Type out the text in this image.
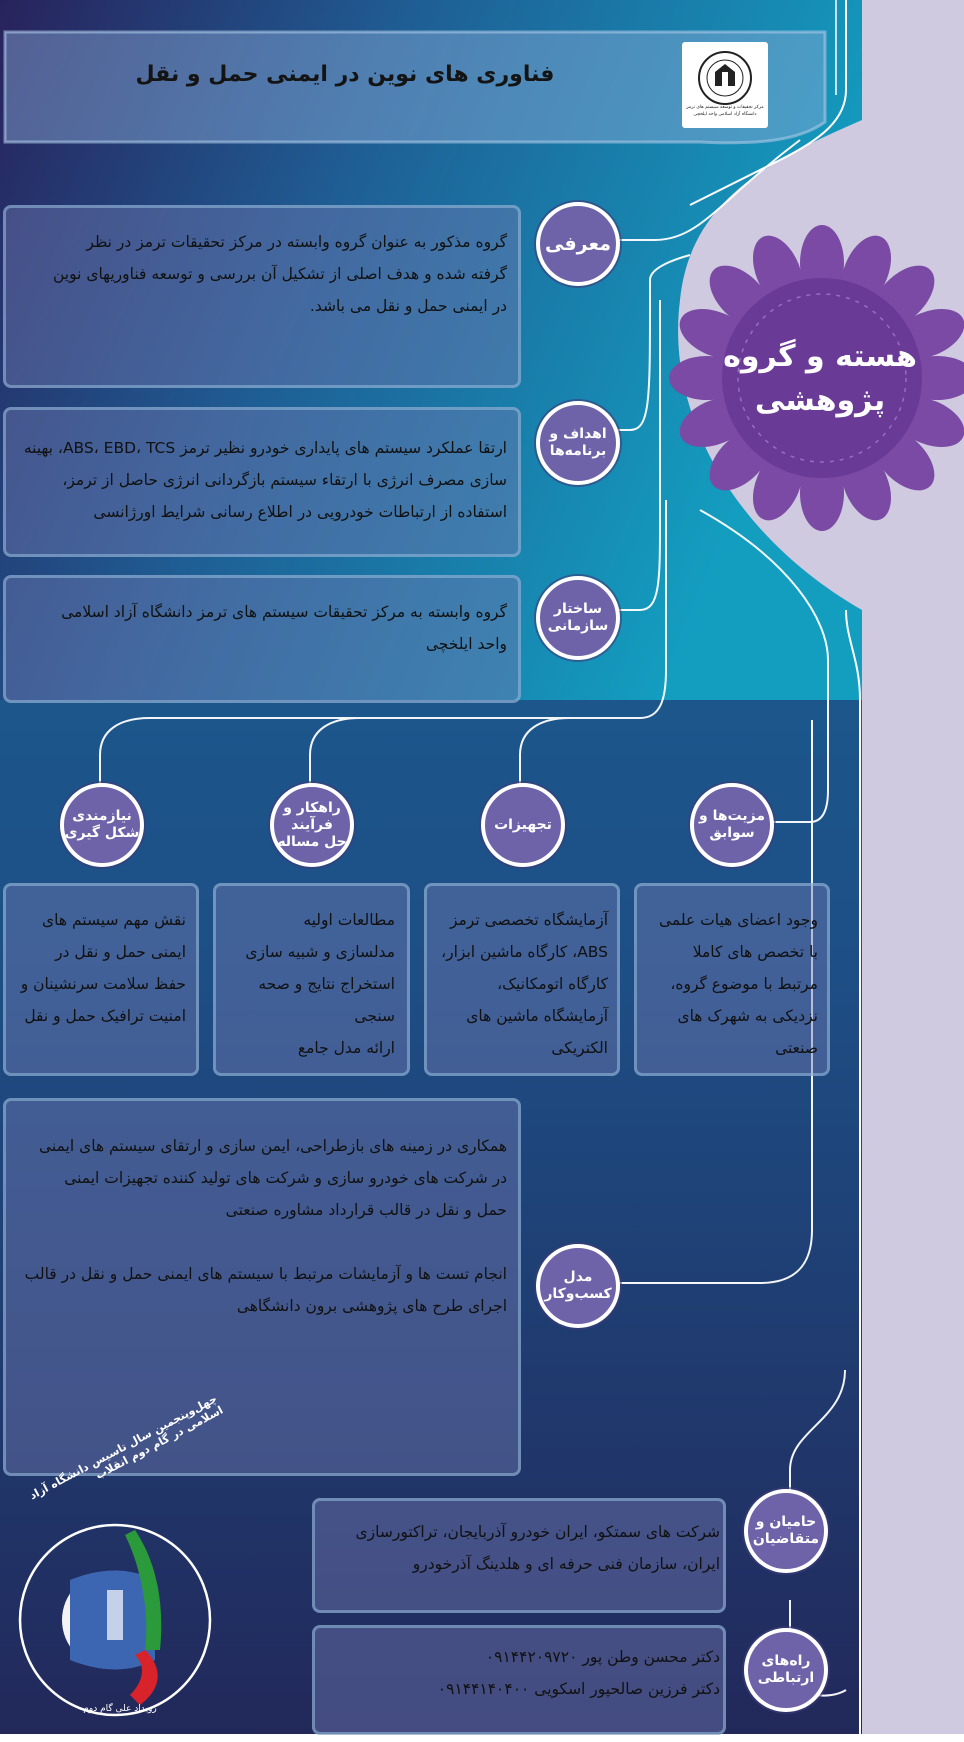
مرکز تحقیقات و توسعه سیستم های ترمز
دانشگاه آزاد اسلامی واحد ایلخچی
فناوری های نوین در ایمنی حمل و نقل
هسته و گروه
پژوهشی
گروه مذکور به عنوان گروه وابسته در مرکز تحقیقات ترمز در نظر
گرفته شده و هدف اصلی از تشکیل آن بررسی و توسعه فناوریهای نوین
در ایمنی حمل و نقل می باشد.
معرفی
ارتقا عملکرد سیستم های پایداری خودرو نظیر ترمز ABS، EBD، TCS، بهینه
سازی مصرف انرژی با ارتقاء سیستم بازگردانی انرژی حاصل از ترمز،
استفاده از ارتباطات خودرویی در اطلاع رسانی شرایط اورژانسی
اهداف و
برنامه‌ها
گروه وابسته به مرکز تحقیقات سیستم های ترمز دانشگاه آزاد اسلامی
واحد ایلخچی
ساختار
سازمانی
نیازمندی
شکل گیری
راهکار و
فرآیند
حل مساله
تجهیزات
مزیت‌ها و
سوابق
نقش مهم سیستم های
ایمنی حمل و نقل در
حفظ سلامت سرنشینان و
امنیت ترافیک حمل و نقل
مطالعات اولیه
مدلسازی و شبیه سازی
استخراج نتایج و صحه
سنجی
ارائه مدل جامع
آزمایشگاه تخصصی ترمز
ABS، کارگاه ماشین ابزار،
کارگاه اتومکانیک،
آزمایشگاه ماشین های
الکتریکی
وجود اعضای هیات علمی
با تخصص های کاملا
مرتبط با موضوع گروه،
نزدیکی به شهرک های
صنعتی
همکاری در زمینه های بازطراحی، ایمن سازی و ارتقای سیستم های ایمنی
در شرکت های خودرو سازی و شرکت های تولید کننده تجهیزات ایمنی
حمل و نقل در قالب قرارداد مشاوره صنعتی

انجام تست ها و آزمایشات مرتبط با سیستم های ایمنی حمل و نقل در قالب
اجرای طرح های پژوهشی برون دانشگاهی
مدل
کسب‌و‌کار
شرکت های سمتکو، ایران خودرو آذربایجان، تراکتورسازی
ایران، سازمان فنی حرفه ای و هلدینگ آذرخودرو
حامیان و
متقاضیان
دکتر محسن وطن پور ۰۹۱۴۴۲۰۹۷۲۰
دکتر فرزین صالحپور اسکویی ۰۹۱۴۴۱۴۰۴۰۰
راه‌های
ارتباطی
چهل‌وپنجمین سال تاسیس دانشگاه آزاد اسلامی در گام دوم انقلاب
رویداد علی گام دوم
